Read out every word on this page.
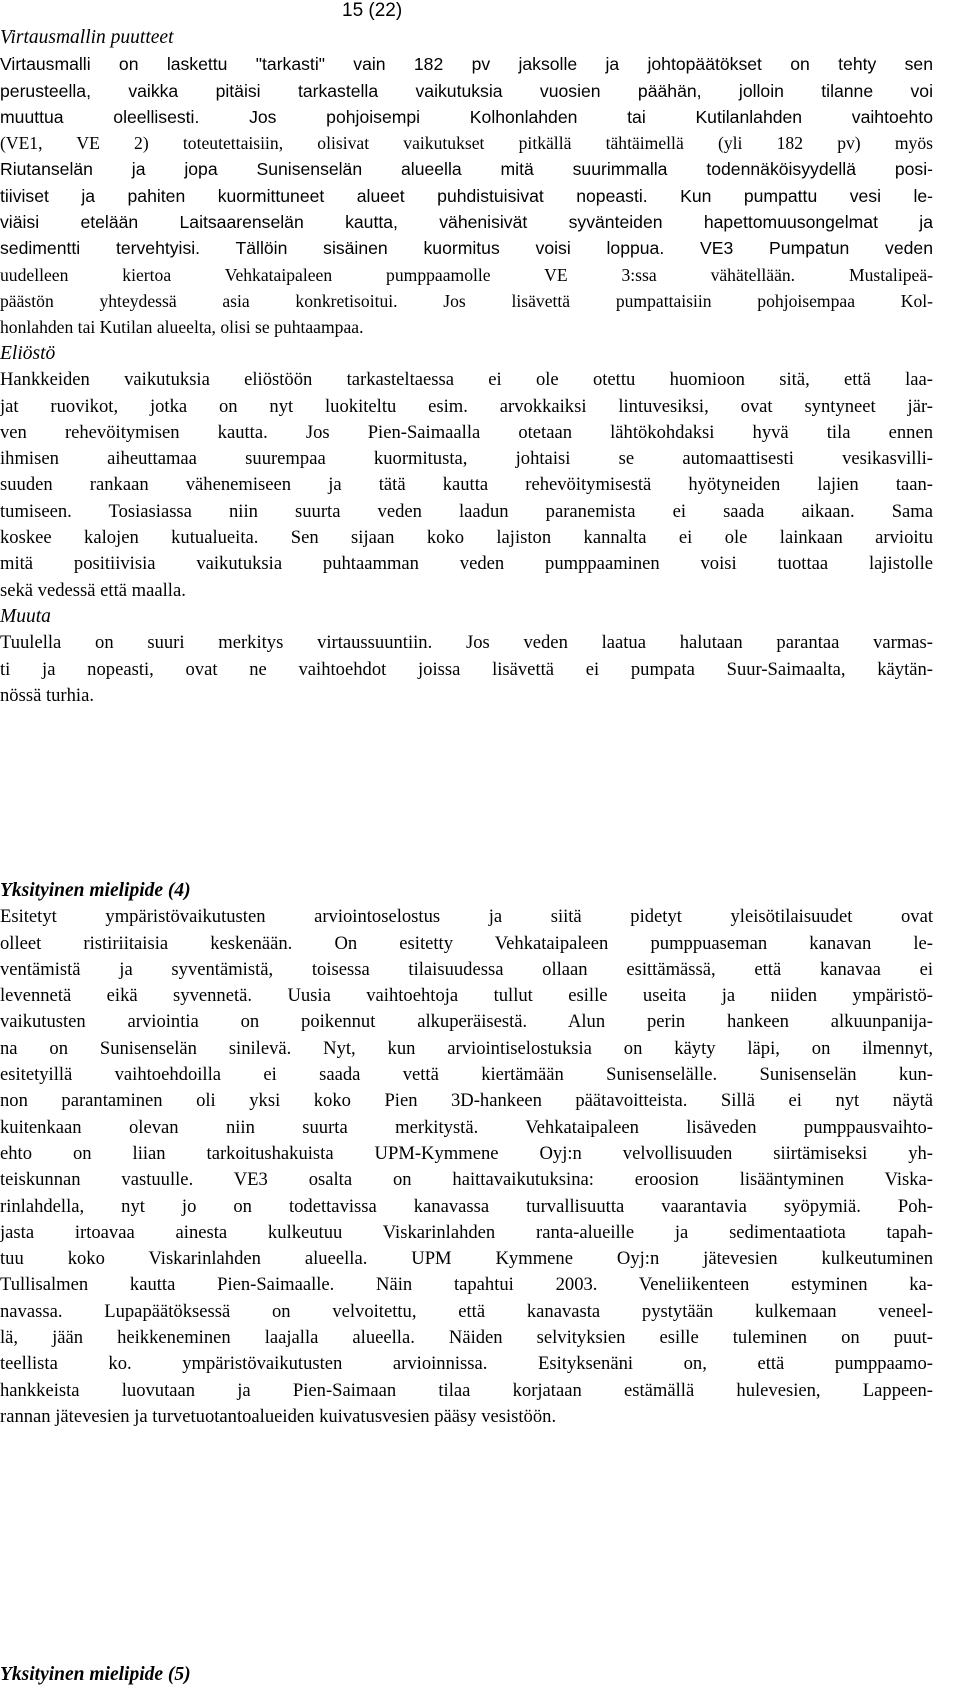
15 (22)
Virtausmallin puutteet
Virtausmalli on laskettu "tarkasti" vain 182 pv jaksolle ja johtopäätökset on tehty sen
perusteella, vaikka pitäisi tarkastella vaikutuksia vuosien päähän, jolloin tilanne voi
muuttua oleellisesti. Jos pohjoisempi Kolhonlahden tai Kutilanlahden vaihtoehto
(VE1, VE 2) toteutettaisiin, olisivat vaikutukset pitkällä tähtäimellä (yli 182 pv) myös
Riutanselän ja jopa Sunisenselän alueella mitä suurimmalla todennäköisyydellä posi-
tiiviset ja pahiten kuormittuneet alueet puhdistuisivat nopeasti. Kun pumpattu vesi le-
viäisi etelään Laitsaarenselän kautta, vähenisivät syvänteiden hapettomuusongelmat ja
sedimentti tervehtyisi. Tällöin sisäinen kuormitus voisi loppua. VE3 Pumpatun veden
uudelleen kiertoa Vehkataipaleen pumppaamolle VE 3:ssa vähätellään. Mustalipeä-
päästön yhteydessä asia konkretisoitui. Jos lisävettä pumpattaisiin pohjoisempaa Kol-
honlahden tai Kutilan alueelta, olisi se puhtaampaa.
Eliöstö
Hankkeiden vaikutuksia eliöstöön tarkasteltaessa ei ole otettu huomioon sitä, että laa-
jat ruovikot, jotka on nyt luokiteltu esim. arvokkaiksi lintuvesiksi, ovat syntyneet jär-
ven rehevöitymisen kautta. Jos Pien-Saimaalla otetaan lähtökohdaksi hyvä tila ennen
ihmisen aiheuttamaa suurempaa kuormitusta, johtaisi se automaattisesti vesikasvilli-
suuden rankaan vähenemiseen ja tätä kautta rehevöitymisestä hyötyneiden lajien taan-
tumiseen. Tosiasiassa niin suurta veden laadun paranemista ei saada aikaan. Sama
koskee kalojen kutualueita. Sen sijaan koko lajiston kannalta ei ole lainkaan arvioitu
mitä positiivisia vaikutuksia puhtaamman veden pumppaaminen voisi tuottaa lajistolle
sekä vedessä että maalla.
Muuta
Tuulella on suuri merkitys virtaussuuntiin. Jos veden laatua halutaan parantaa varmas-
ti ja nopeasti, ovat ne vaihtoehdot joissa lisävettä ei pumpata Suur-Saimaalta, käytän-
nössä turhia.
Yksityinen mielipide (4)
Esitetyt ympäristövaikutusten arviointoselostus ja siitä pidetyt yleisötilaisuudet ovat
olleet ristiriitaisia keskenään. On esitetty Vehkataipaleen pumppuaseman kanavan le-
ventämistä ja syventämistä, toisessa tilaisuudessa ollaan esittämässä, että kanavaa ei
levennetä eikä syvennetä. Uusia vaihtoehtoja tullut esille useita ja niiden ympäristö-
vaikutusten arviointia on poikennut alkuperäisestä. Alun perin hankeen alkuunpanija-
na on Sunisenselän sinilevä. Nyt, kun arviointiselostuksia on käyty läpi, on ilmennyt,
esitetyillä vaihtoehdoilla ei saada vettä kiertämään Sunisenselälle. Sunisenselän kun-
non parantaminen oli yksi koko Pien 3D-hankeen päätavoitteista. Sillä ei nyt näytä
kuitenkaan olevan niin suurta merkitystä. Vehkataipaleen lisäveden pumppausvaihto-
ehto on liian tarkoitushakuista UPM-Kymmene Oyj:n velvollisuuden siirtämiseksi yh-
teiskunnan vastuulle. VE3 osalta on haittavaikutuksina: eroosion lisääntyminen Viska-
rinlahdella, nyt jo on todettavissa kanavassa turvallisuutta vaarantavia syöpymiä. Poh-
jasta irtoavaa ainesta kulkeutuu Viskarinlahden ranta-alueille ja sedimentaatiota tapah-
tuu koko Viskarinlahden alueella. UPM Kymmene Oyj:n jätevesien kulkeutuminen
Tullisalmen kautta Pien-Saimaalle. Näin tapahtui 2003. Veneliikenteen estyminen ka-
navassa. Lupapäätöksessä on velvoitettu, että kanavasta pystytään kulkemaan veneel-
lä, jään heikkeneminen laajalla alueella. Näiden selvityksien esille tuleminen on puut-
teellista ko. ympäristövaikutusten arvioinnissa. Esityksenäni on, että pumppaamo-
hankkeista luovutaan ja Pien-Saimaan tilaa korjataan estämällä hulevesien, Lappeen-
rannan jätevesien ja turvetuotantoalueiden kuivatusvesien pääsy vesistöön.
Yksityinen mielipide (5)
